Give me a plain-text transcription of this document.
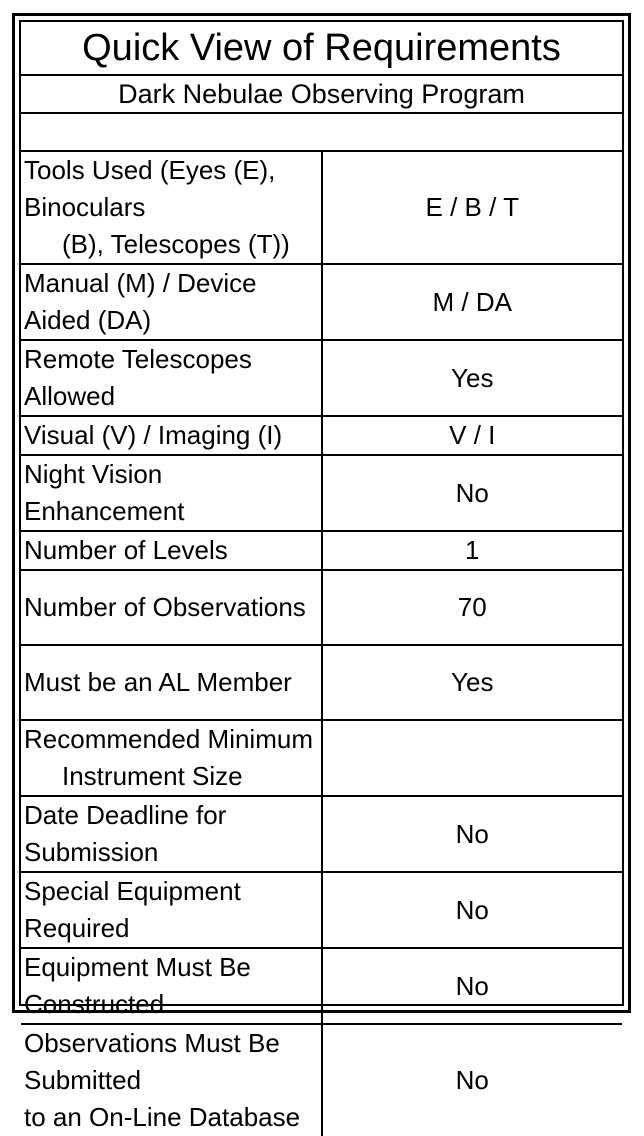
Quick View of Requirements	
Dark Nebulae Observing Program	

Tools Used (Eyes (E), Binoculars
(B), Telescopes (T))	E / B / T

Manual (M) / Device Aided (DA)	M / DA

Remote Telescopes Allowed	Yes

Visual (V) / Imaging (I)	V / I

Night Vision Enhancement	No

Number of Levels	1

Number of Observations	70

Must be an AL Member	Yes

Recommended Minimum
Instrument Size	

Date Deadline for Submission	No

Special Equipment Required	No

Equipment Must Be Constructed	No

Observations Must Be Submitted
to an On-Line Database	No
